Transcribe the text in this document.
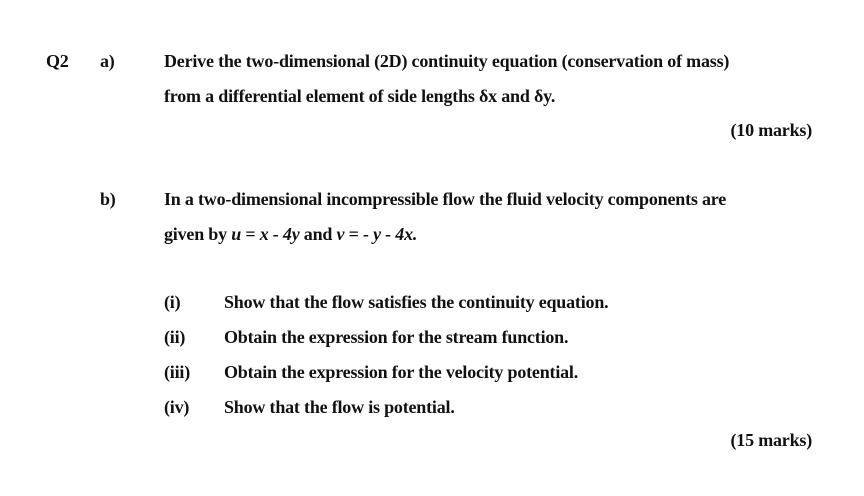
Q2 a)	Derive the two-dimensional (2D) continuity equation (conservation of mass)
from a differential element of side lengths δx and δy.
(10 marks)
b)	In a two-dimensional incompressible flow the fluid velocity components are
given by u = x - 4y and v = - y - 4x.
(i) Show that the flow satisfies the continuity equation.
(ii) Obtain the expression for the stream function.
(iii) Obtain the expression for the velocity potential.
(iv) Show that the flow is potential.
(15 marks)
